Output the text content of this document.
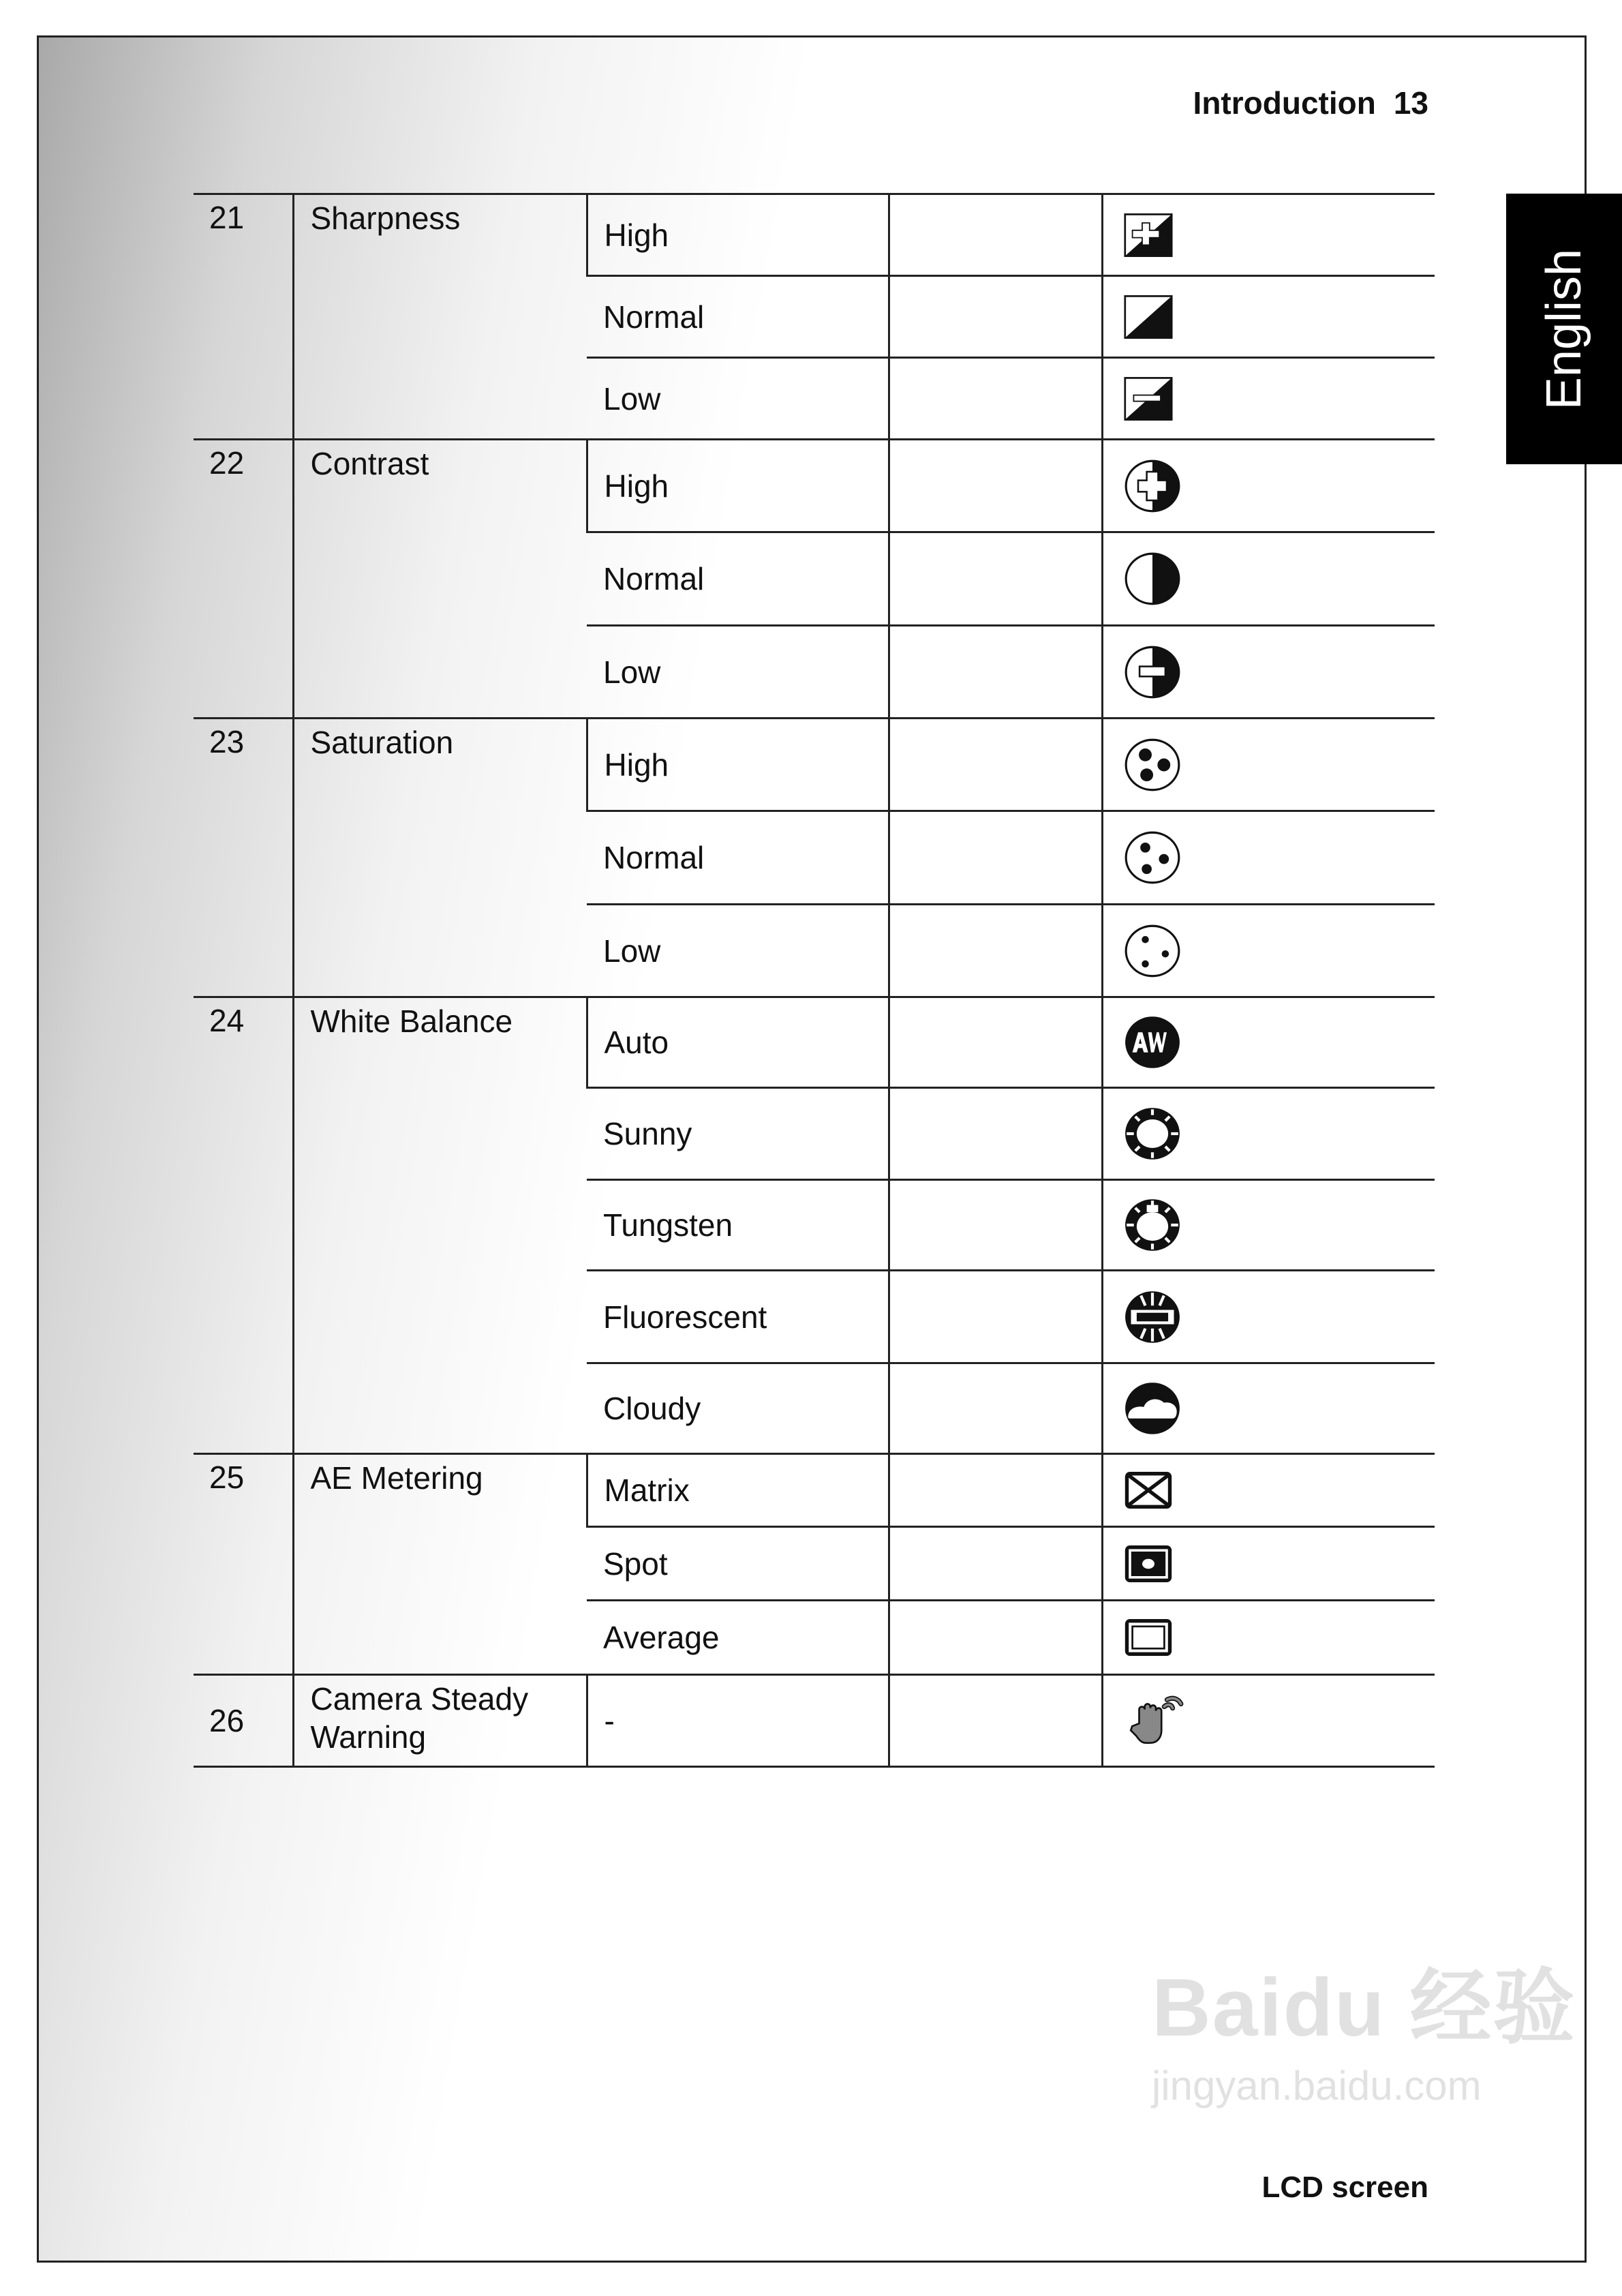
Introduction 13
English
21	Sharpness	High		

		Normal		

		Low		

22	Contrast	High		

		Normal		

		Low		

23	Saturation	High		

		Normal		

		Low		

24	White Balance	Auto		

		Sunny		

		Tungsten		

		Fluorescent		

		Cloudy		

25	AE Metering	Matrix		

		Spot		

		Average		

26	Camera Steady Warning	-		
Baidu 经验
jingyan.baidu.com
LCD screen
